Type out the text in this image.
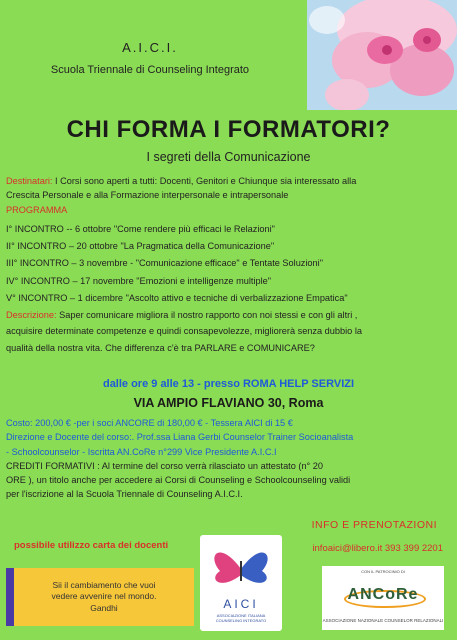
A.I.C.I.
Scuola Triennale di Counseling Integrato
CHI FORMA I FORMATORI?
I segreti della Comunicazione
Destinatari: I Corsi sono aperti a tutti: Docenti, Genitori e Chiunque sia interessato alla
Crescita Personale e alla Formazione interpersonale e intrapersonale
PROGRAMMA
I° INCONTRO -- 6 ottobre "Come rendere più efficaci le Relazioni"
II° INCONTRO – 20 ottobre "La Pragmatica della Comunicazione"
III° INCONTRO – 3 novembre - "Comunicazione efficace" e Tentate Soluzioni"
IV° INCONTRO – 17 novembre "Emozioni e intelligenze multiple"
V° INCONTRO – 1 dicembre "Ascolto attivo e tecniche di verbalizzazione Empatica"
Descrizione: Saper comunicare migliora il nostro rapporto con noi stessi e con gli altri ,
acquisire determinate competenze e quindi consapevolezze, migliorerà senza dubbio la
qualità della nostra vita. Che differenza c'è tra PARLARE e COMUNICARE?
dalle ore 9 alle 13 - presso ROMA HELP SERVIZI
VIA AMPIO FLAVIANO 30, Roma
Costo: 200,00 € -per i soci ANCORE di 180,00 € - Tessera AICI di 15 €
Direzione e Docente del corso:. Prof.ssa Liana Gerbi Counselor Trainer Socioanalista
- Schoolcounselor - Iscritta AN.CoRe n°299 Vice Presidente A.I.C.I
CREDITI FORMATIVI : Al termine del corso verrà rilasciato un attestato (n° 20
ORE ), un titolo anche per accedere ai Corsi di Counseling e Schoolcounseling validi
per l'iscrizione al la Scuola Triennale di Counseling A.I.C.I.
INFO E PRENOTAZIONI
infoaici@libero.it 393 399 2201
possibile utilizzo carta dei docenti
Sii il cambiamento che vuoi
vedere avvenire nel mondo.
Gandhi	AICI
ASSOCIAZIONE ITALIANA COUNSELING INTEGRATO
CON IL PATROCINIO DI
ANCoRe
ASSOCIAZIONE NAZIONALE COUNSELOR RELAZIONALI
